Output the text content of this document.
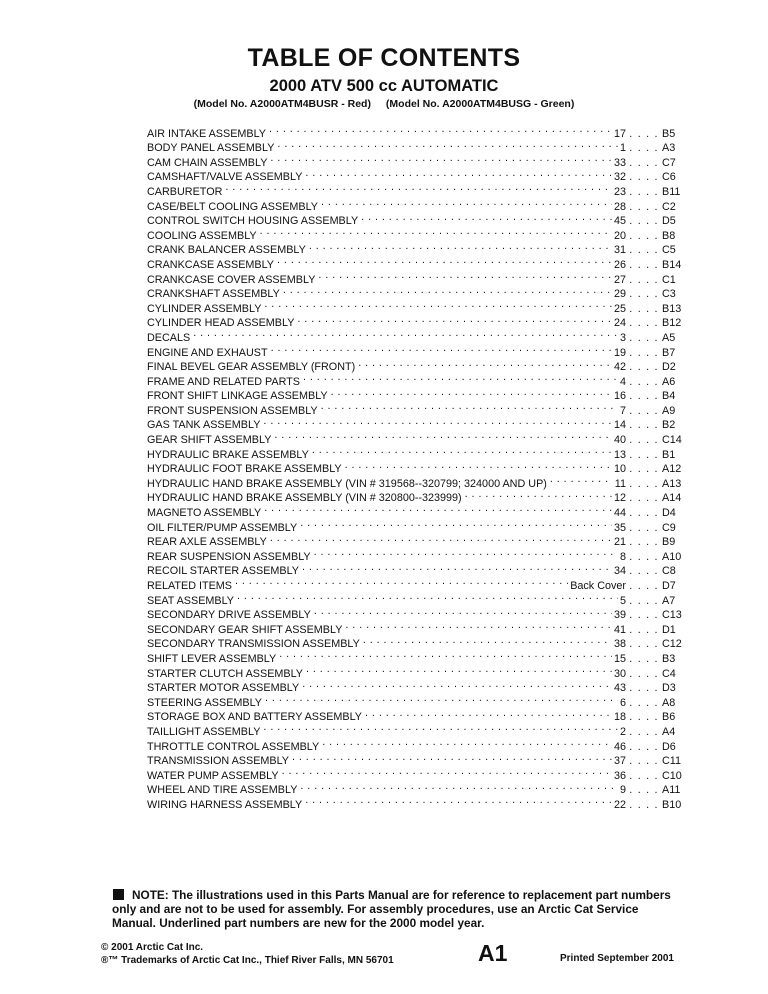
TABLE OF CONTENTS
2000 ATV 500 cc AUTOMATIC
(Model No. A2000ATM4BUSR - Red) (Model No. A2000ATM4BUSG - Green)
AIR INTAKE ASSEMBLY . . .	17 . . . . B5
BODY PANEL ASSEMBLY . . .	1 . . . . A3
CAM CHAIN ASSEMBLY . . .	33 . . . . C7
CAMSHAFT/VALVE ASSEMBLY . . .	32 . . . . C6
CARBURETOR . . .	23 . . . . B11
CASE/BELT COOLING ASSEMBLY . . .	28 . . . . C2
CONTROL SWITCH HOUSING ASSEMBLY . . .	45 . . . . D5
COOLING ASSEMBLY . . .	20 . . . . B8
CRANK BALANCER ASSEMBLY . . .	31 . . . . C5
CRANKCASE ASSEMBLY . . .	26 . . . . B14
CRANKCASE COVER ASSEMBLY . . .	27 . . . . C1
CRANKSHAFT ASSEMBLY . . .	29 . . . . C3
CYLINDER ASSEMBLY . . .	25 . . . . B13
CYLINDER HEAD ASSEMBLY . . .	24 . . . . B12
DECALS . . .	3 . . . . A5
ENGINE AND EXHAUST . . .	19 . . . . B7
FINAL BEVEL GEAR ASSEMBLY (FRONT) . . .	42 . . . . D2
FRAME AND RELATED PARTS . . .	4 . . . . A6
FRONT SHIFT LINKAGE ASSEMBLY . . .	16 . . . . B4
FRONT SUSPENSION ASSEMBLY . . .	7 . . . . A9
GAS TANK ASSEMBLY . . .	14 . . . . B2
GEAR SHIFT ASSEMBLY . . .	40 . . . . C14
HYDRAULIC BRAKE ASSEMBLY . . .	13 . . . . B1
HYDRAULIC FOOT BRAKE ASSEMBLY . . .	10 . . . . A12
HYDRAULIC HAND BRAKE ASSEMBLY (VIN # 319568--320799; 324000 AND UP) . . .	11 . . . . A13
HYDRAULIC HAND BRAKE ASSEMBLY (VIN # 320800--323999) . . .	12 . . . . A14
MAGNETO ASSEMBLY . . .	44 . . . . D4
OIL FILTER/PUMP ASSEMBLY . . .	35 . . . . C9
REAR AXLE ASSEMBLY . . .	21 . . . . B9
REAR SUSPENSION ASSEMBLY . . .	8 . . . . A10
RECOIL STARTER ASSEMBLY . . .	34 . . . . C8
RELATED ITEMS . . .	Back Cover . . . . D7
SEAT ASSEMBLY . . .	5 . . . . A7
SECONDARY DRIVE ASSEMBLY . . .	39 . . . . C13
SECONDARY GEAR SHIFT ASSEMBLY . . .	41 . . . . D1
SECONDARY TRANSMISSION ASSEMBLY . . .	38 . . . . C12
SHIFT LEVER ASSEMBLY . . .	15 . . . . B3
STARTER CLUTCH ASSEMBLY . . .	30 . . . . C4
STARTER MOTOR ASSEMBLY . . .	43 . . . . D3
STEERING ASSEMBLY . . .	6 . . . . A8
STORAGE BOX AND BATTERY ASSEMBLY . . .	18 . . . . B6
TAILLIGHT ASSEMBLY . . .	2 . . . . A4
THROTTLE CONTROL ASSEMBLY . . .	46 . . . . D6
TRANSMISSION ASSEMBLY . . .	37 . . . . C11
WATER PUMP ASSEMBLY . . .	36 . . . . C10
WHEEL AND TIRE ASSEMBLY . . .	9 . . . . A11
WIRING HARNESS ASSEMBLY . . .	22 . . . . B10
NOTE: The illustrations used in this Parts Manual are for reference to replacement part numbers only and are not to be used for assembly. For assembly procedures, use an Arctic Cat Service Manual. Underlined part numbers are new for the 2000 model year.
© 2001 Arctic Cat Inc.
®™ Trademarks of Arctic Cat Inc., Thief River Falls, MN 56701	A1	Printed September 2001
